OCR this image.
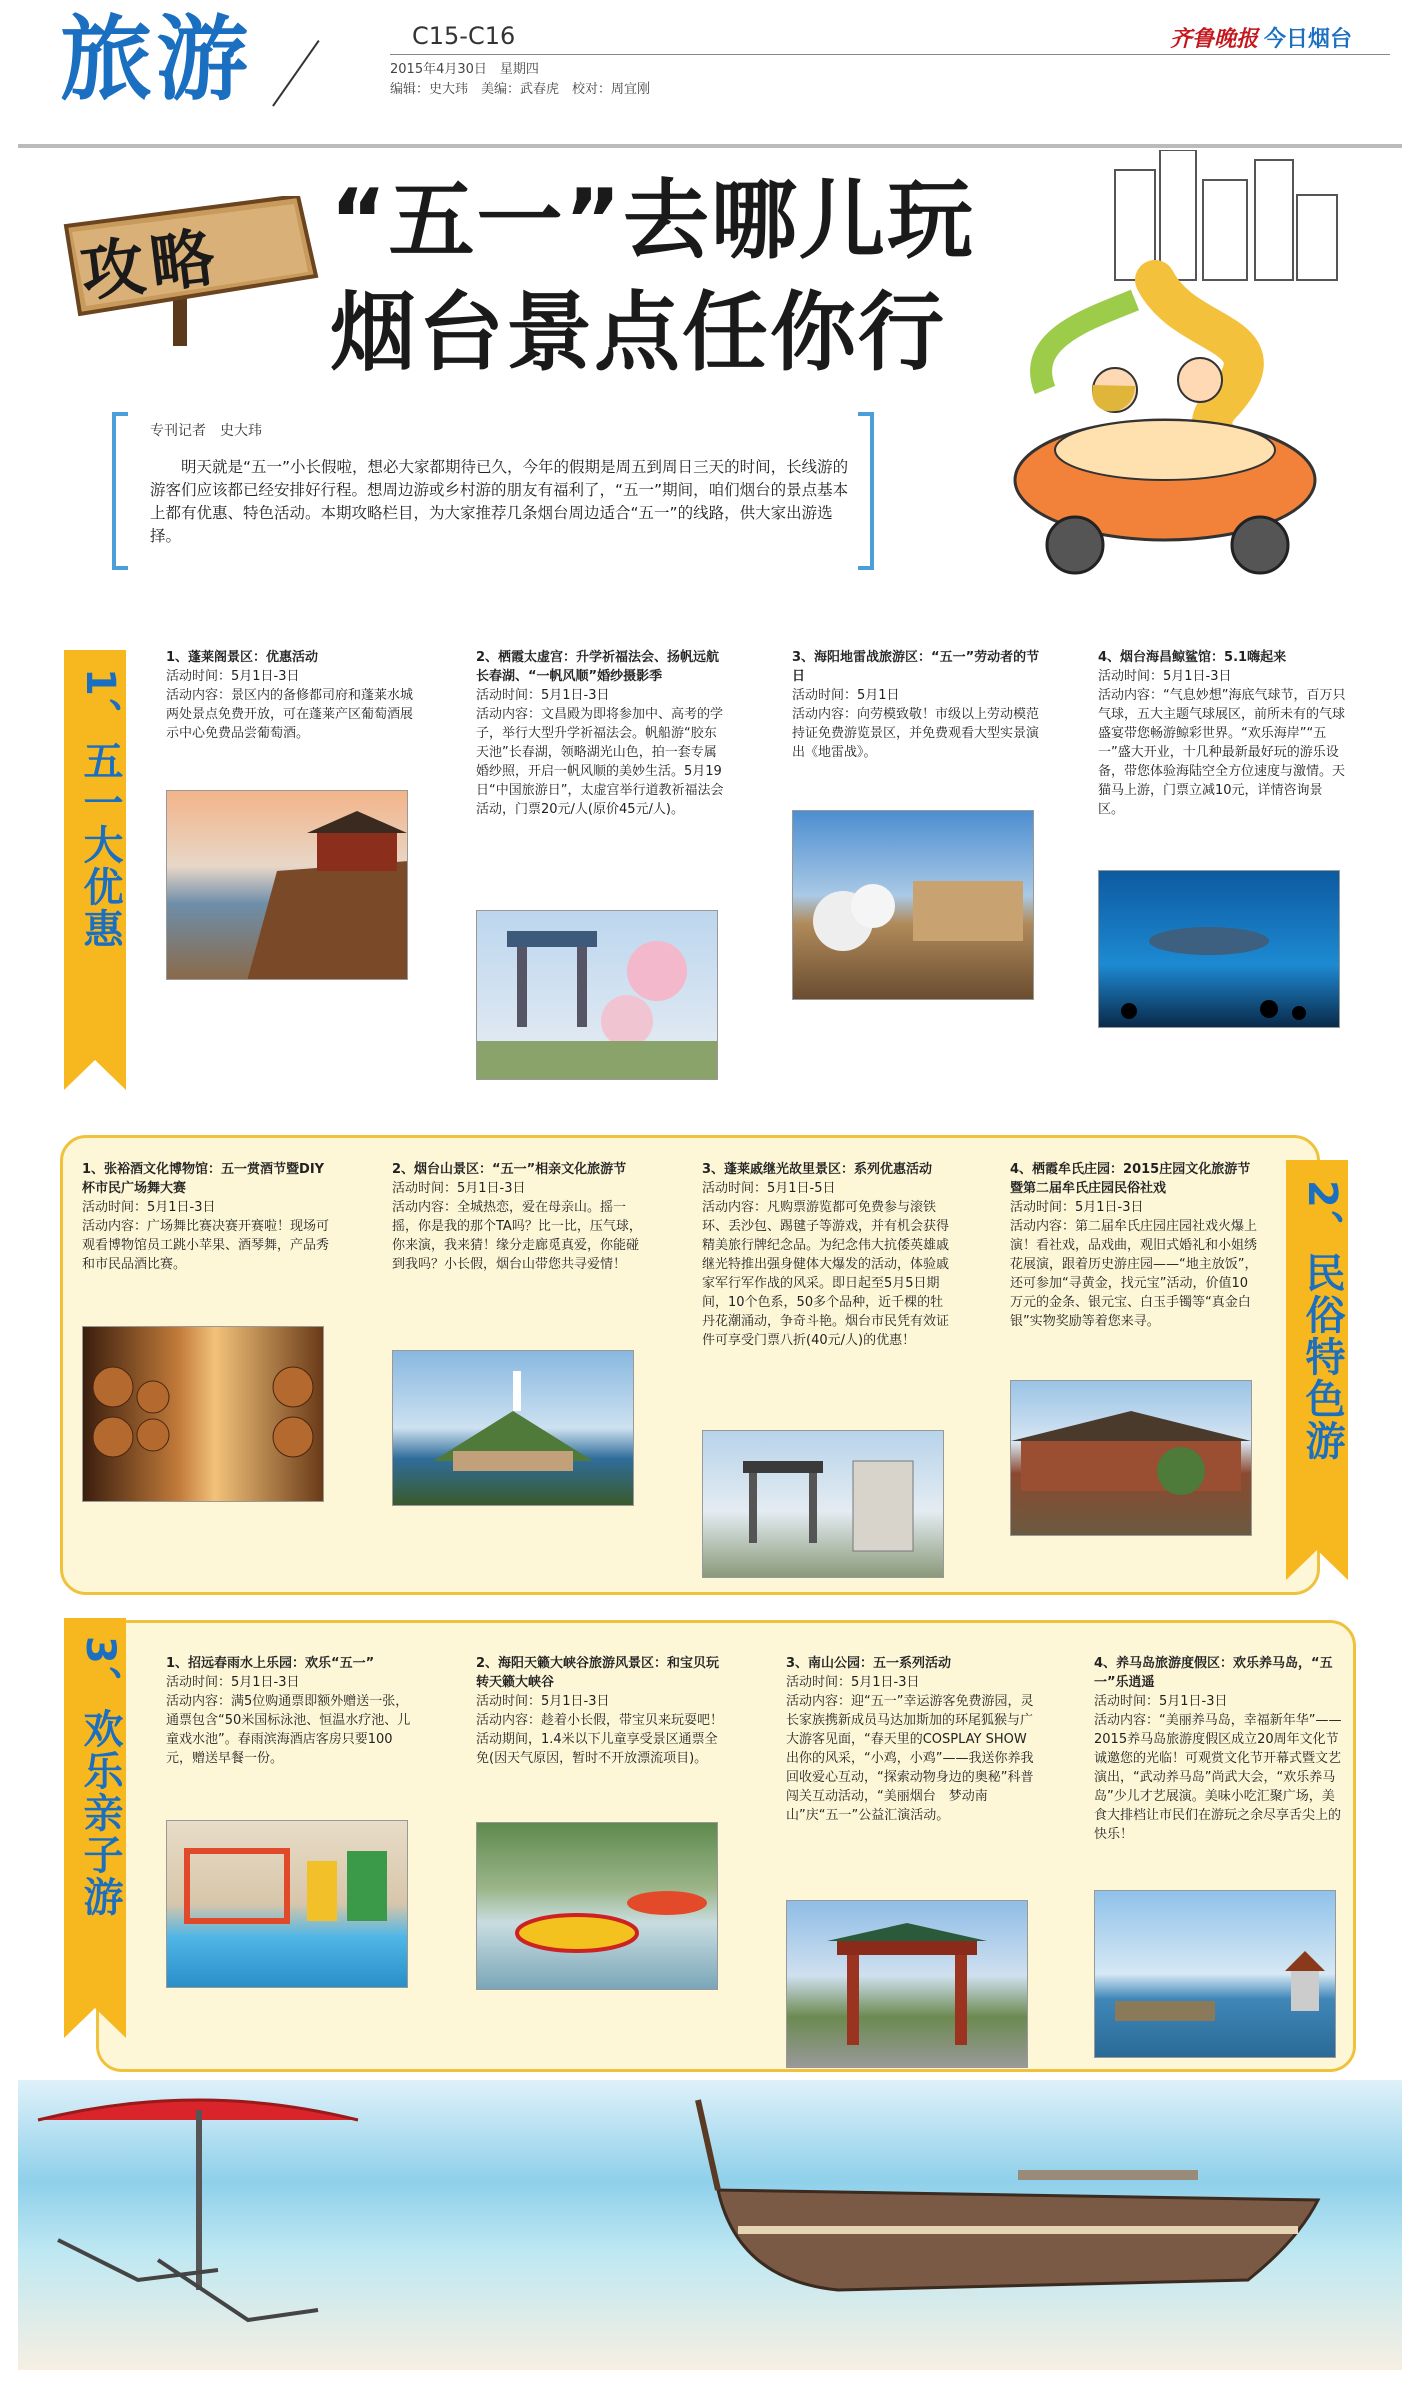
旅游	C15-C16
2015年4月30日　星期四
编辑：史大玮　美编：武春虎　校对：周宜刚
齐鲁晚报 今日烟台
攻略 “五一”去哪儿玩
烟台景点任你行
专刊记者　史大玮
明天就是“五一”小长假啦，想必大家都期待已久，今年的假期是周五到周日三天的时间，长线游的游客们应该都已经安排好行程。想周边游或乡村游的朋友有福利了，“五一”期间，咱们烟台的景点基本上都有优惠、特色活动。本期攻略栏目，为大家推荐几条烟台周边适合“五一”的线路，供大家出游选择。
1、五一大优惠
1、蓬莱阁景区：优惠活动
活动时间：5月1日-3日
活动内容：景区内的备修都司府和蓬莱水城两处景点免费开放，可在蓬莱产区葡萄酒展示中心免费品尝葡萄酒。
2、栖霞太虚宫：升学祈福法会、扬帆远航长春湖、“一帆风顺”婚纱摄影季
活动时间：5月1日-3日
活动内容：文昌殿为即将参加中、高考的学子，举行大型升学祈福法会。帆船游“胶东天池”长春湖，领略湖光山色，拍一套专属婚纱照，开启一帆风顺的美妙生活。5月19日“中国旅游日”，太虚宫举行道教祈福法会活动，门票20元/人(原价45元/人)。
3、海阳地雷战旅游区：“五一”劳动者的节日
活动时间：5月1日
活动内容：向劳模致敬！市级以上劳动模范持证免费游览景区，并免费观看大型实景演出《地雷战》。
4、烟台海昌鲸鲨馆：5.1嗨起来
活动时间：5月1日-3日
活动内容：“气息妙想”海底气球节，百万只气球，五大主题气球展区，前所未有的气球盛宴带您畅游鲸彩世界。“欢乐海岸”“五一”盛大开业，十几种最新最好玩的游乐设备，带您体验海陆空全方位速度与激情。天猫马上游，门票立减10元，详情咨询景区。
2、民俗特色游
1、张裕酒文化博物馆：五一赏酒节暨DIY杯市民广场舞大赛
活动时间：5月1日-3日
活动内容：广场舞比赛决赛开赛啦！现场可观看博物馆员工跳小苹果、酒琴舞，产品秀和市民品酒比赛。
2、烟台山景区：“五一”相亲文化旅游节
活动时间：5月1日-3日
活动内容：全城热恋，爱在母亲山。摇一摇，你是我的那个TA吗？比一比，压气球，你来演，我来猜！缘分走廊觅真爱，你能碰到我吗？小长假，烟台山带您共寻爱情！
3、蓬莱戚继光故里景区：系列优惠活动
活动时间：5月1日-5日
活动内容：凡购票游览都可免费参与滚铁环、丢沙包、踢毽子等游戏，并有机会获得精美旅行牌纪念品。为纪念伟大抗倭英雄戚继光特推出强身健体大爆发的活动，体验戚家军行军作战的风采。即日起至5月5日期间，10个色系，50多个品种，近千棵的牡丹花潮涌动，争奇斗艳。烟台市民凭有效证件可享受门票八折(40元/人)的优惠！
4、栖霞牟氏庄园：2015庄园文化旅游节暨第二届牟氏庄园民俗社戏
活动时间：5月1日-3日
活动内容：第二届牟氏庄园庄园社戏火爆上演！看社戏，品戏曲，观旧式婚礼和小姐绣花展演，跟着历史游庄园——“地主放饭”，还可参加“寻黄金，找元宝”活动，价值10万元的金条、银元宝、白玉手镯等“真金白银”实物奖励等着您来寻。
3、欢乐亲子游	1、招远春雨水上乐园：欢乐“五一”
活动时间：5月1日-3日
活动内容：满5位购通票即额外赠送一张，通票包含“50米国标泳池、恒温水疗池、儿童戏水池”。春雨滨海酒店客房只要100元，赠送早餐一份。
2、海阳天籁大峡谷旅游风景区：和宝贝玩转天籁大峡谷
活动时间：5月1日-3日
活动内容：趁着小长假，带宝贝来玩耍吧！活动期间，1.4米以下儿童享受景区通票全免(因天气原因，暂时不开放漂流项目)。
3、南山公园：五一系列活动
活动时间：5月1日-3日
活动内容：迎“五一”幸运游客免费游园，灵长家族携新成员马达加斯加的环尾狐猴与广大游客见面，“春天里的COSPLAY SHOW出你的风采，“小鸡，小鸡”——我送你养我回收爱心互动，“探索动物身边的奥秘”科普闯关互动活动，“美丽烟台　梦动南山”庆“五一”公益汇演活动。
4、养马岛旅游度假区：欢乐养马岛，“五一”乐逍遥
活动时间：5月1日-3日
活动内容：“美丽养马岛，幸福新年华”——2015养马岛旅游度假区成立20周年文化节诚邀您的光临！可观赏文化节开幕式暨文艺演出，“武动养马岛”尚武大会，“欢乐养马岛”少儿才艺展演。美味小吃汇聚广场，美食大排档让市民们在游玩之余尽享舌尖上的快乐！
